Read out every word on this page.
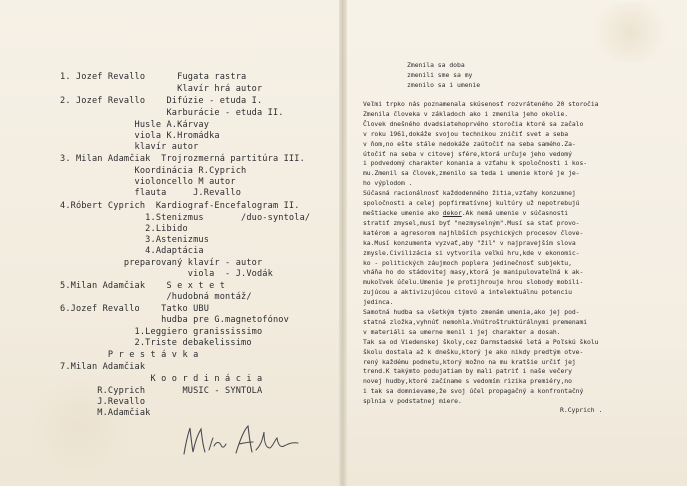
1. Jozef Revallo      Fugata rastra
Klavír hrá autor
2. Jozef Revallo    Difúzie - etuda I.
Karburácie - etuda II.
Husle A.Kárvay
viola K.Hromádka
klavír autor
3. Milan Adamčiak  Trojrozmerná partitúra III.
Koordinácia R.Cyprich
violoncello M autor
flauta     J.Revallo
4.Róbert Cyprich  Kardiograf-Encefalogram II.
1.Stenizmus       /duo-syntola/
2.Libido
3.Astenizmus
4.Adaptácia
preparovaný klavír - autor
viola  - J.Vodák
5.Milan Adamčiak    S e x t e t
/hudobná montáž/
6.Jozef Revallo    Tatko UBU
hudba pre G.magnetofónov
1.Leggiero granississimo
2.Triste debakelissimo
P r e s t á v k a
7.Milan Adamčiak
K o o r d i n á c i a
R.Cyprich       MUSIC - SYNTOLA
J.Revallo
M.Adamčiak
Zmenila sa doba
zmenili sme sa my
zmenilo sa i umenie
Veľmi trpko nás poznamenala skúsenosť rozvráteného 20 storočia
Zmenila človeka v základoch ako i zmenila jeho okolie.
Človek dnešného dvadsiatehoprvého storočia ktoré sa začalo
v roku 1961,dokáže svojou technikou zničiť svet a seba
v ňom,no ešte stále nedokáže zaútočiť na seba samého.Za-
útočiť na seba v citovej sfére,ktorá určuje jeho vedomý
i podvedomý charakter konania a vzťahu k spoločnosti i kos-
mu.Zmenil sa človek,zmenilo sa teda i umenie ktoré je je-
ho výplodom .
Súčasná racionálnosť každodenného žitia,vzťahy konzumnej
spoločnosti a celej popfirmatívnej kultúry už nepotrebujú
meštiacke umenie ako dekor.Ak nemá umenie v súčasnosti
stratiť zmysel,musí byť "nezmyselným".Musí sa stať provo-
katérom a agresorom najhlbších psychických procesov člove-
ka.Musí konzumenta vyzvať,aby "žil" v najpravejším slova
zmysle.Civilizácia si vytvorila veľkú hru,kde v ekonomic-
ko - politických záujmoch poplera jedinečnosť subjektu,
vháňa ho do stádovitej masy,ktorá je manipulovateľná k ak-
mukoľvek účelu.Umenie je protijhrouje hrou slobody mobili-
zujúcou a aktivizujúcou citovú a intelektuálnu potenciu
jedinca.
Samotná hudba sa všetkým týmto zmenám umenia,ako jej pod-
statná zložka,vyhnúť nemohla.Vnútroštruktúrálnymi premenami
v materiáli sa umerne menil i jej charakter a dosah.
Tak sa od Viedenskej školy,cez Darmstadské letá a Poľskú školu
školu dostala až k dnešku,ktorý je ako nikdy predtým otve-
rený každému podnetu,ktorý možno na mu kratšie určiť jej
trend.K takýmto podujatiam by mali patriť i naše večery
novej hudby,ktoré začíname s vedomím rizika premiéry,no
i tak sa domnievame,že svoj účel propagačný a konfrontačný
splnia v podstatnej miere.
R.Cyprich .
